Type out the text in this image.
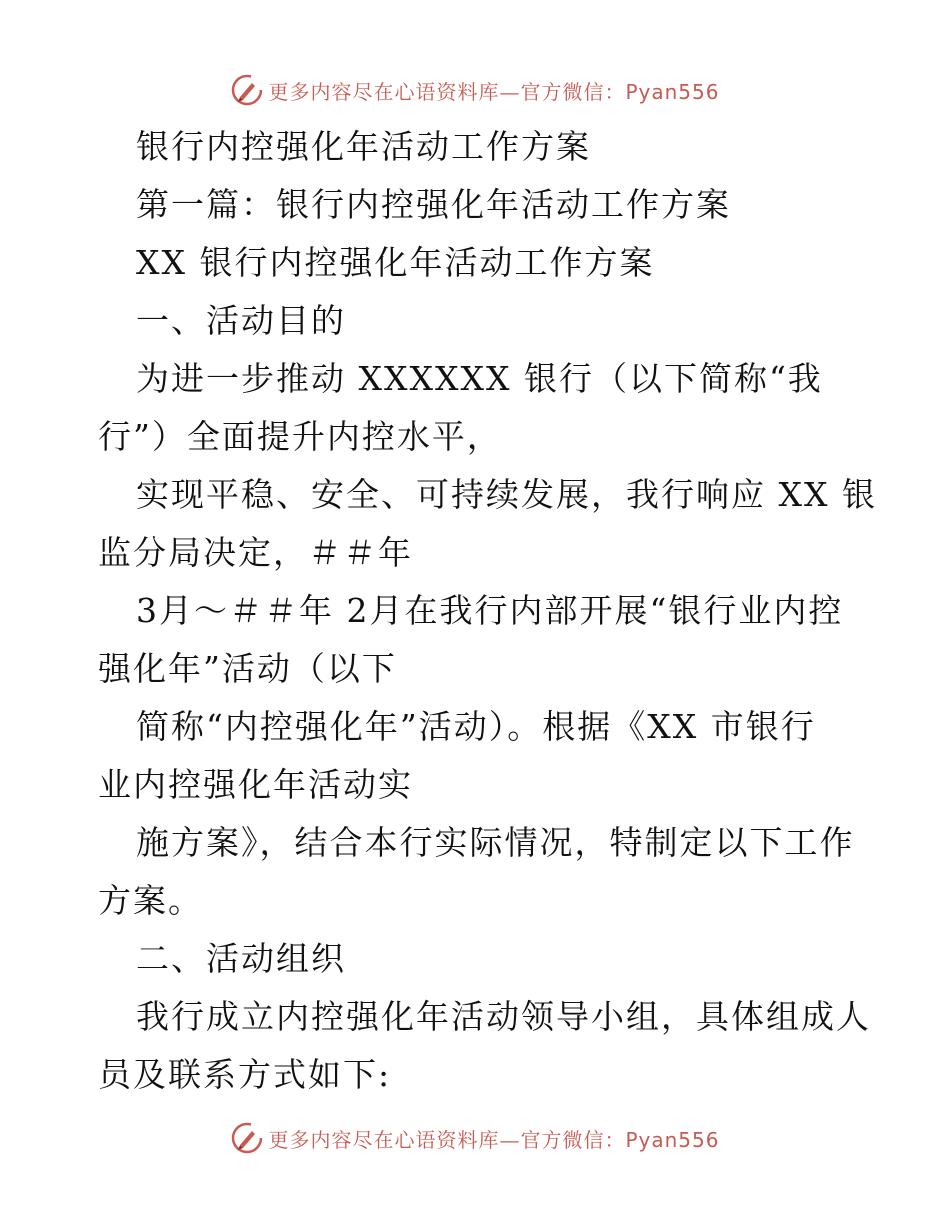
更多内容尽在心语资料库—官方微信：Pyan556
银行内控强化年活动工作方案
第一篇：银行内控强化年活动工作方案
XX 银行内控强化年活动工作方案
一、活动目的
为进一步推动 XXXXXX 银行（以下简称“我
行”）全面提升内控水平，
实现平稳、安全、可持续发展，我行响应 XX 银
监分局决定，＃＃年
3月～＃＃年 2月在我行内部开展“银行业内控
强化年”活动（以下
简称“内控强化年”活动）。根据《XX 市银行
业内控强化年活动实
施方案》，结合本行实际情况，特制定以下工作
方案。
二、活动组织
我行成立内控强化年活动领导小组，具体组成人
员及联系方式如下:
更多内容尽在心语资料库—官方微信：Pyan556
